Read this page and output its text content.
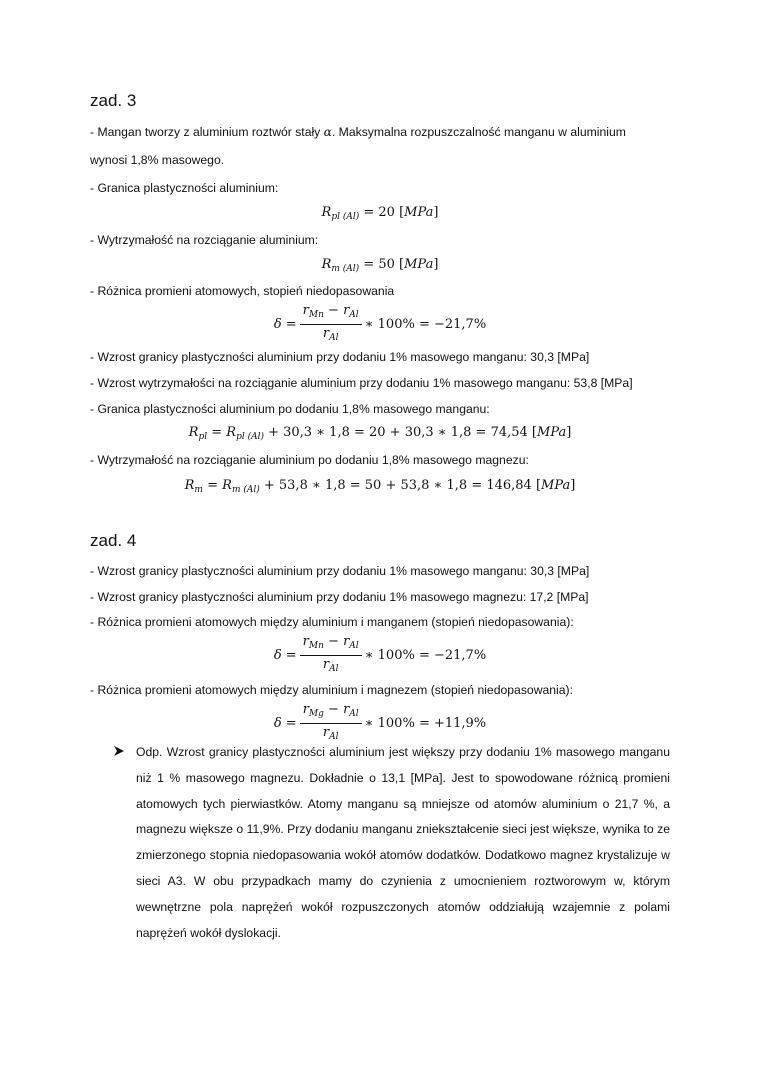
zad. 3
- Mangan tworzy z aluminium roztwór stały α. Maksymalna rozpuszczalność manganu w aluminium
wynosi 1,8% masowego.
- Granica plastyczności aluminium:
$R_{pl (Al)} = 20$ [MPa]
- Wytrzymałość na rozciąganie aluminium:
$R_{m (Al)} = 50$ [MPa]
- Różnica promieni atomowych, stopień niedopasowania
$\delta = \frac{r_{Mn} - r_{Al}}{r_{Al}}$ ∗ 100% = −21,7%
- Wzrost granicy plastyczności aluminium przy dodaniu 1% masowego manganu: 30,3 [MPa]
- Wzrost wytrzymałości na rozciąganie aluminium przy dodaniu 1% masowego manganu: 53,8 [MPa]
- Granica plastyczności aluminium po dodaniu 1,8% masowego manganu:
$R_{pl} = R_{pl (Al)} + 30,3$ ∗ 1,8 = 20 + 30,3 ∗ 1,8 = 74,54 [MPa]
- Wytrzymałość na rozciąganie aluminium po dodaniu 1,8% masowego magnezu:
$R_m = R_{m (Al)} + 53,8$ ∗ 1,8 = 50 + 53,8 ∗ 1,8 = 146,84 [MPa]
zad. 4
- Wzrost granicy plastyczności aluminium przy dodaniu 1% masowego manganu: 30,3 [MPa]
- Wzrost granicy plastyczności aluminium przy dodaniu 1% masowego magnezu: 17,2 [MPa]
- Różnica promieni atomowych między aluminium i manganem (stopień niedopasowania):
$\delta = \frac{r_{Mn} - r_{Al}}{r_{Al}}$ ∗ 100% = −21,7%
- Różnica promieni atomowych między aluminium i magnezem (stopień niedopasowania):
$\delta = \frac{r_{Mg} - r_{Al}}{r_{Al}}$ ∗ 100% = +11,9%
Odp. Wzrost granicy plastyczności aluminium jest większy przy dodaniu 1% masowego manganu niż 1 % masowego magnezu. Dokładnie o 13,1 [MPa]. Jest to spowodowane różnicą promieni atomowych tych pierwiastków. Atomy manganu są mniejsze od atomów aluminium o 21,7 %, a magnezu większe o 11,9%. Przy dodaniu manganu zniekształcenie sieci jest większe, wynika to ze zmierzonego stopnia niedopasowania wokół atomów dodatków. Dodatkowo magnez krystalizuje w sieci A3. W obu przypadkach mamy do czynienia z umocnieniem roztworowym w, którym wewnętrzne pola naprężeń wokół rozpuszczonych atomów oddziałują wzajemnie z polami naprężeń wokół dyslokacji.
